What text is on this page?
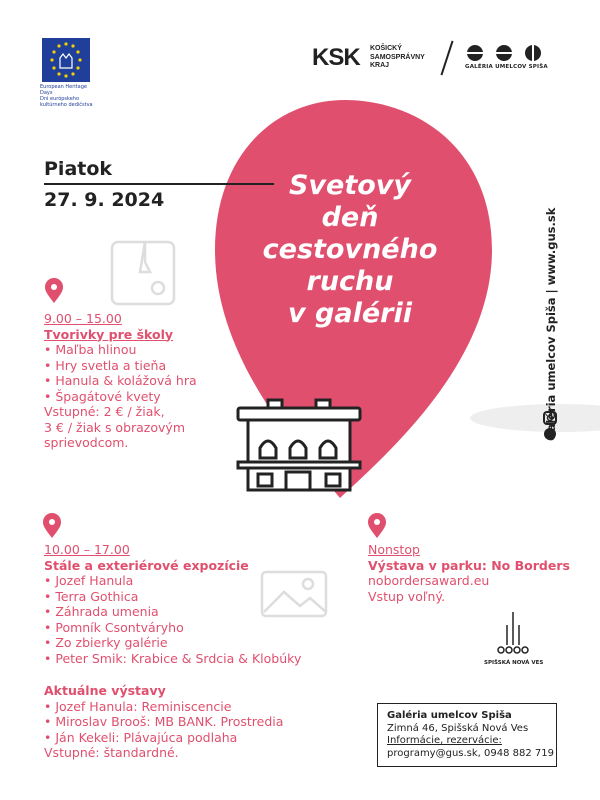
European Heritage Days
Dni európskeho
kultúrneho dedičstva
KSK KOŠICKÝ
SAMOSPRÁVNY
KRAJ	GALÉRIA UMELCOV SPIŠA
Piatok
27. 9. 2024	Svetový
deň
cestovného
ruchu
v galérii	Galéria umelcov Spiša | www.gus.sk
9.00 – 15.00
Tvorivky pre školy
• Maľba hlinou
• Hry svetla a tieňa
• Hanula & kolážová hra
• Špagátové kvety
Vstupné: 2 € / žiak,
3 € / žiak s obrazovým
sprievodcom.
10.00 – 17.00
Stále a exteriérové expozície
• Jozef Hanula
• Terra Gothica
• Záhrada umenia
• Pomník Csontváryho
• Zo zbierky galérie
• Peter Smik: Krabice & Srdcia & Klobúky
Nonstop
Výstava v parku: No Borders
nobordersaward.eu
Vstup voľný.
Aktuálne výstavy
• Jozef Hanula: Reminiscencie
• Miroslav Brooš: MB BANK. Prostredia
• Ján Kekeli: Plávajúca podlaha
Vstupné: štandardné.
SPIŠSKÁ NOVÁ VES
Galéria umelcov Spiša
Zimná 46, Spišská Nová Ves
Informácie, rezervácie:
programy@gus.sk, 0948 882 719
